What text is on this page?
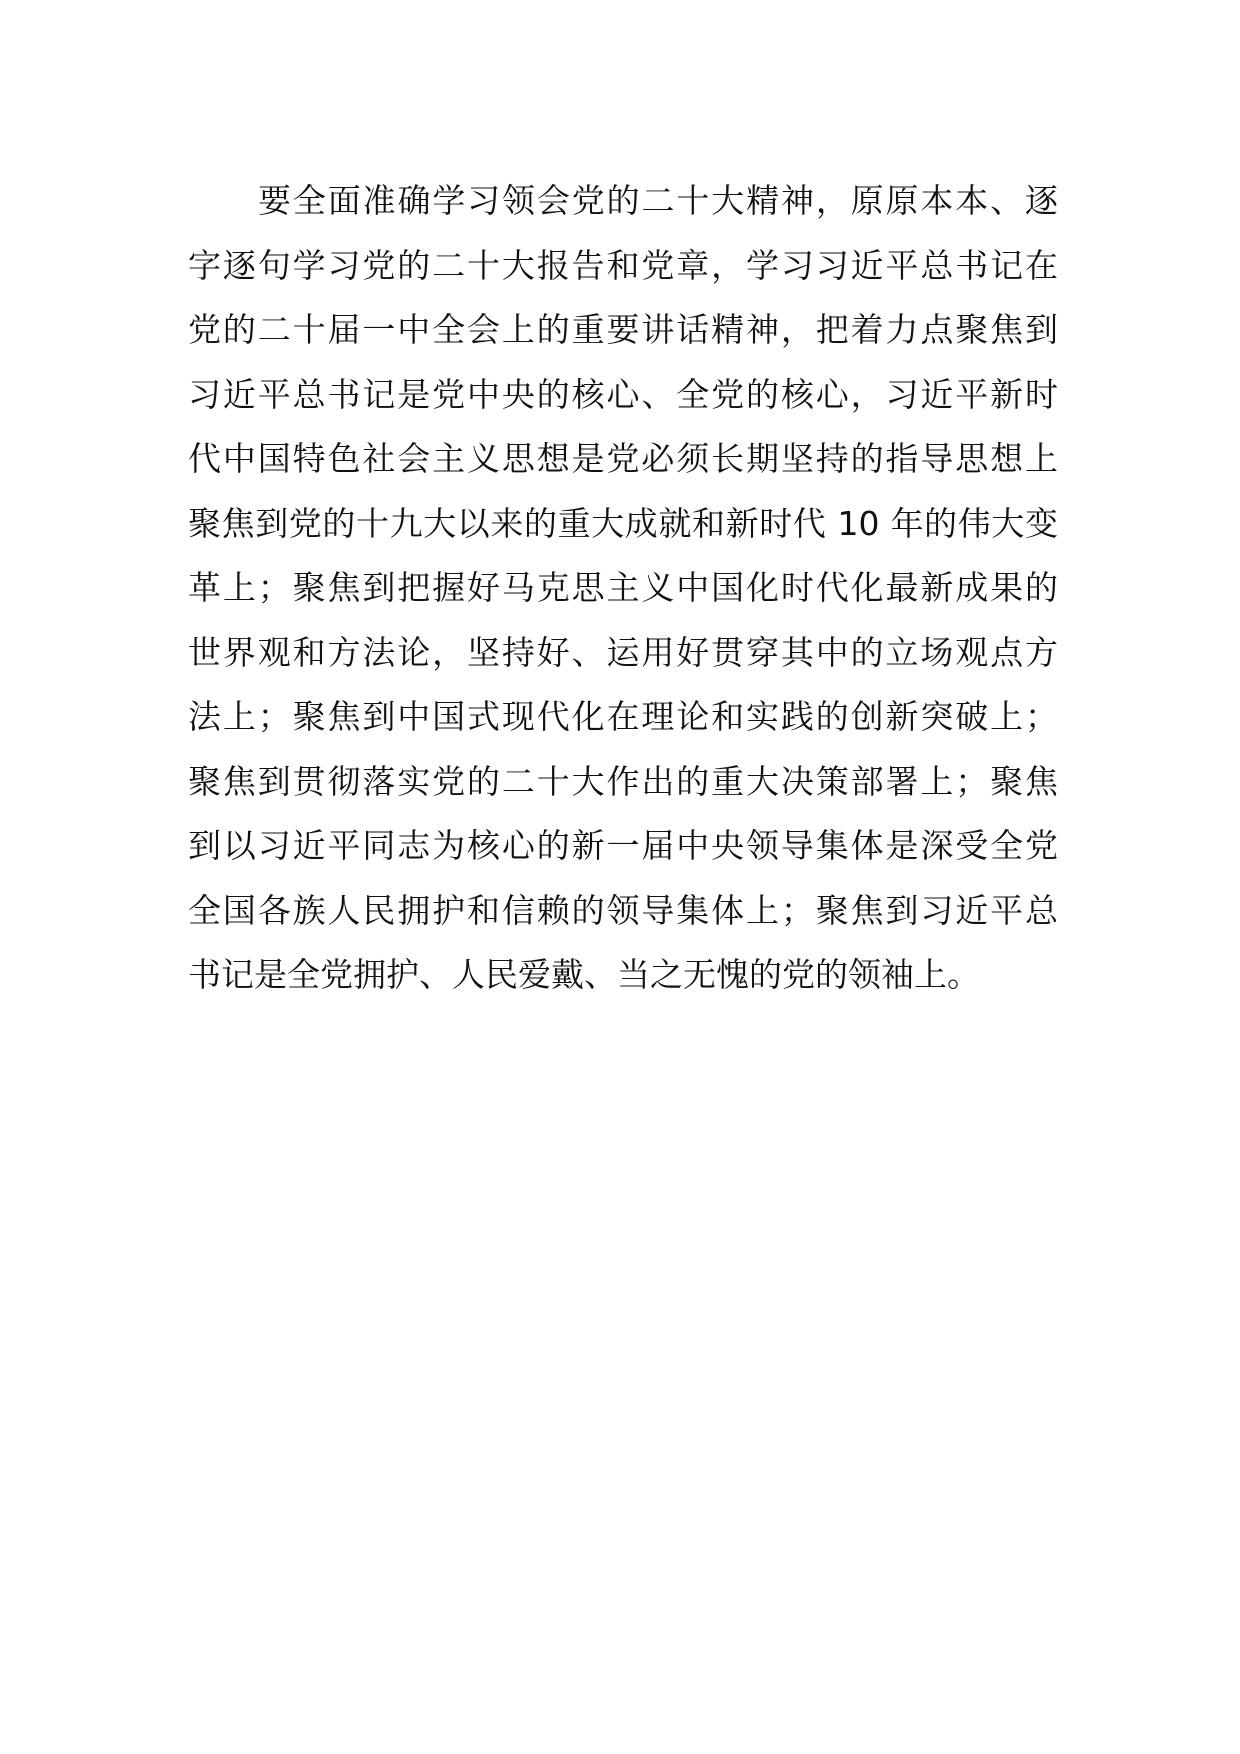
要全面准确学习领会党的二十大精神，原原本本、逐
字逐句学习党的二十大报告和党章，学习习近平总书记在
党的二十届一中全会上的重要讲话精神，把着力点聚焦到
习近平总书记是党中央的核心、全党的核心，习近平新时
代中国特色社会主义思想是党必须长期坚持的指导思想上
聚焦到党的十九大以来的重大成就和新时代 10 年的伟大变
革上；聚焦到把握好马克思主义中国化时代化最新成果的
世界观和方法论，坚持好、运用好贯穿其中的立场观点方
法上；聚焦到中国式现代化在理论和实践的创新突破上；
聚焦到贯彻落实党的二十大作出的重大决策部署上；聚焦
到以习近平同志为核心的新一届中央领导集体是深受全党
全国各族人民拥护和信赖的领导集体上；聚焦到习近平总
书记是全党拥护、人民爱戴、当之无愧的党的领袖上。
